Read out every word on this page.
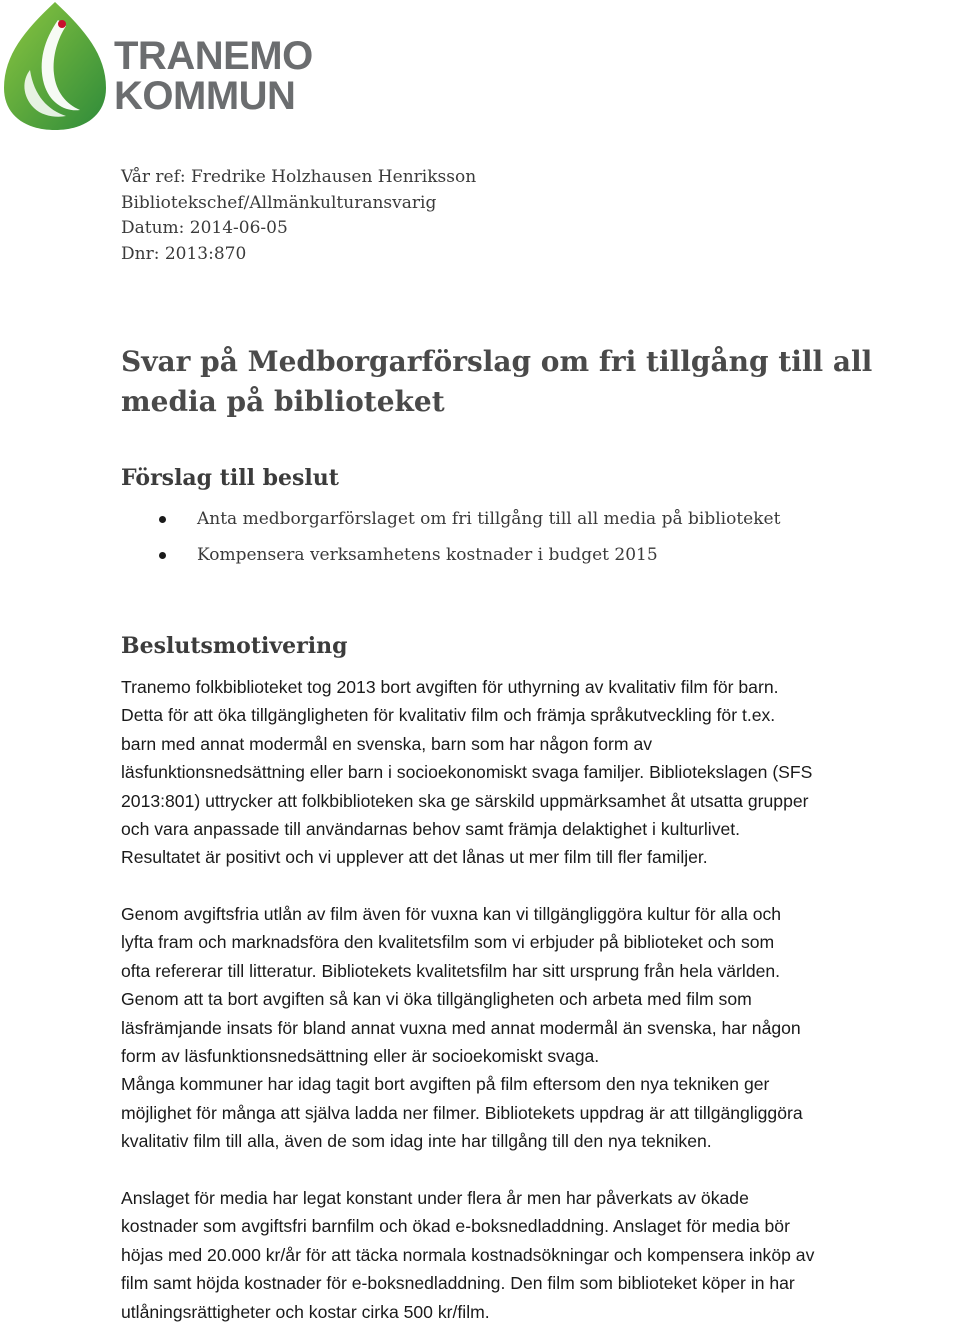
TRANEMO
KOMMUN
Vår ref: Fredrike Holzhausen Henriksson
Bibliotekschef/Allmänkulturansvarig
Datum: 2014-06-05
Dnr: 2013:870
Svar på Medborgarförslag om fri tillgång till all media på biblioteket
Förslag till beslut
Anta medborgarförslaget om fri tillgång till all media på biblioteket
Kompensera verksamhetens kostnader i budget 2015
Beslutsmotivering
Tranemo folkbiblioteket tog 2013 bort avgiften för uthyrning av kvalitativ film för barn.
Detta för att öka tillgängligheten för kvalitativ film och främja språkutveckling för t.ex.
barn med annat modermål en svenska, barn som har någon form av
läsfunktionsnedsättning eller barn i socioekonomiskt svaga familjer. Bibliotekslagen (SFS
2013:801) uttrycker att folkbiblioteken ska ge särskild uppmärksamhet åt utsatta grupper
och vara anpassade till användarnas behov samt främja delaktighet i kulturlivet.
Resultatet är positivt och vi upplever att det lånas ut mer film till fler familjer.
Genom avgiftsfria utlån av film även för vuxna kan vi tillgängliggöra kultur för alla och
lyfta fram och marknadsföra den kvalitetsfilm som vi erbjuder på biblioteket och som
ofta refererar till litteratur. Bibliotekets kvalitetsfilm har sitt ursprung från hela världen.
Genom att ta bort avgiften så kan vi öka tillgängligheten och arbeta med film som
läsfrämjande insats för bland annat vuxna med annat modermål än svenska, har någon
form av läsfunktionsnedsättning eller är socioekomiskt svaga.
Många kommuner har idag tagit bort avgiften på film eftersom den nya tekniken ger
möjlighet för många att själva ladda ner filmer. Bibliotekets uppdrag är att tillgängliggöra
kvalitativ film till alla, även de som idag inte har tillgång till den nya tekniken.
Anslaget för media har legat konstant under flera år men har påverkats av ökade
kostnader som avgiftsfri barnfilm och ökad e-boksnedladdning. Anslaget för media bör
höjas med 20.000 kr/år för att täcka normala kostnadsökningar och kompensera inköp av
film samt höjda kostnader för e-boksnedladdning. Den film som biblioteket köper in har
utlåningsrättigheter och kostar cirka 500 kr/film.
